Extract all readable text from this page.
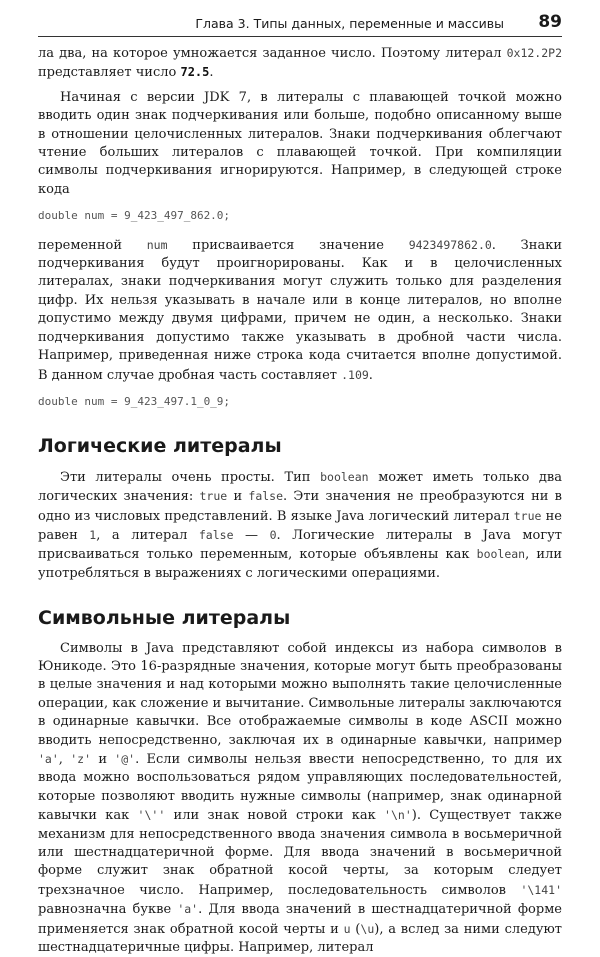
Глава 3. Типы данных, переменные и массивы 89

ла два, на которое умножается заданное число. Поэтому литерал 0x12.2P2 представляет число 72.5.

Начиная с версии JDK 7, в литералы с плавающей точкой можно вводить один знак подчеркивания или больше, подобно описанному выше в отношении целочисленных литералов. Знаки подчеркивания облегчают чтение больших литералов с плавающей точкой. При компиляции символы подчеркивания игнорируются. Например, в следующей строке кода

double num = 9_423_497_862.0;

переменной num присваивается значение 9423497862.0. Знаки подчеркивания будут проигнорированы. Как и в целочисленных литералах, знаки подчеркивания могут служить только для разделения цифр. Их нельзя указывать в начале или в конце литералов, но вполне допустимо между двумя цифрами, причем не один, а несколько. Знаки подчеркивания допустимо также указывать в дробной части числа. Например, приведенная ниже строка кода считается вполне допустимой. В данном случае дробная часть составляет .109.

double num = 9_423_497.1_0_9;
Логические литералы

Эти литералы очень просты. Тип boolean может иметь только два логических значения: true и false. Эти значения не преобразуются ни в одно из числовых представлений. В языке Java логический литерал true не равен 1, а литерал false — 0. Логические литералы в Java могут присваиваться только переменным, которые объявлены как boolean, или употребляться в выражениях с логическими операциями.

Символьные литералы

Символы в Java представляют собой индексы из набора символов в Юникоде. Это 16-разрядные значения, которые могут быть преобразованы в целые значения и над которыми можно выполнять такие целочисленные операции, как сложение и вычитание. Символьные литералы заключаются в одинарные кавычки. Все отображаемые символы в коде ASCII можно вводить непосредственно, заключая их в одинарные кавычки, например 'a', 'z' и '@'. Если символы нельзя ввести непосредственно, то для их ввода можно воспользоваться рядом управляющих последовательностей, которые позволяют вводить нужные символы (например, знак одинарной кавычки как '\'' или знак новой строки как '\n'). Существует также механизм для непосредственного ввода значения символа в восьмеричной или шестнадцатеричной форме. Для ввода значений в восьмеричной форме служит знак обратной косой черты, за которым следует трехзначное число. Например, последовательность символов '\141' равнозначна букве 'a'. Для ввода значений в шестнадцатеричной форме применяется знак обратной косой черты и u (\u), а вслед за ними следуют шестнадцатеричные цифры. Например, литерал
